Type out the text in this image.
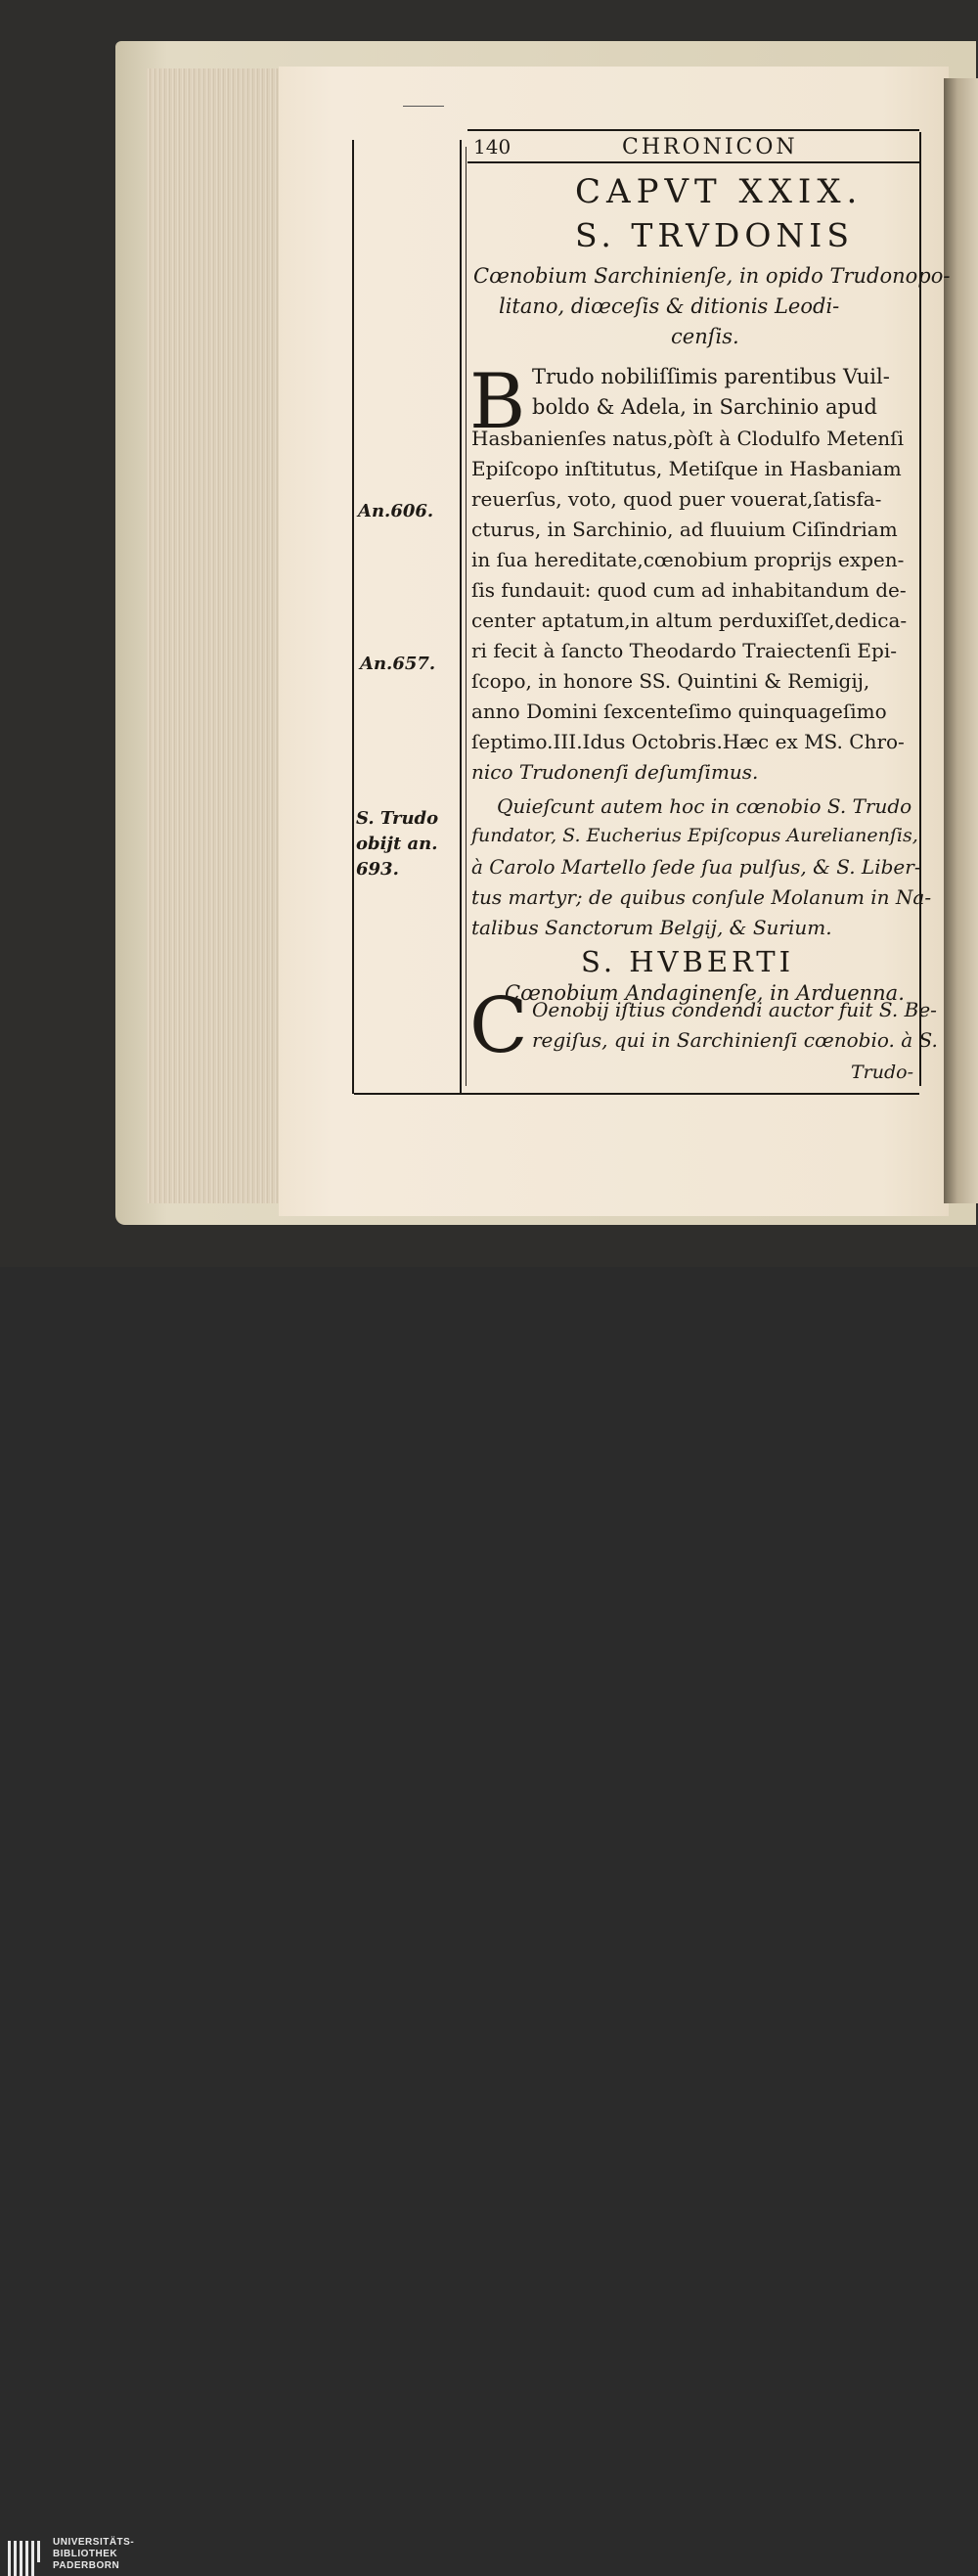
140	CHRONICON
CAPVT XXIX.
S. TRVDONIS
Cœnobium Sarchinienſe, in opido Trudonopo-
litano, diœceſis & ditionis Leodi-
cenſis.
B Trudo nobiliſſimis parentibus Vuil-
boldo & Adela, in Sarchinio apud
Hasbanienſes natus,pòſt à Clodulfo Metenſi
Epiſcopo inſtitutus, Metiſque in Hasbaniam
reuerſus, voto, quod puer vouerat,ſatisfa-
cturus, in Sarchinio, ad fluuium Ciſindriam
in ſua hereditate,cœnobium proprijs expen-
ſis fundauit: quod cum ad inhabitandum de-
center aptatum,in altum perduxiſſet,dedica-
ri fecit à ſancto Theodardo Traiectenſi Epi-
ſcopo, in honore SS. Quintini & Remigij,
anno Domini ſexcenteſimo quinquageſimo
ſeptimo.III.Idus Octobris.Hæc ex MS. Chro-
nico Trudonenſi deſumſimus.
Quieſcunt autem hoc in cœnobio S. Trudo
fundator, S. Eucherius Epiſcopus Aurelianenſis,
à Carolo Martello ſede ſua pulſus, & S. Liber-
tus martyr; de quibus conſule Molanum in Na-
talibus Sanctorum Belgij, & Surium.
S. HVBERTI
Cœnobium Andaginenſe, in Arduenna.
C Oenobij iſtius condendi auctor fuit S. Be-
regiſus, qui in Sarchinienſi cœnobio. à S.
Trudo-
An.606.
An.657.
S. Trudo
obijt an.
693.
UNIVERSITÄTS-
BIBLIOTHEK
PADERBORN
